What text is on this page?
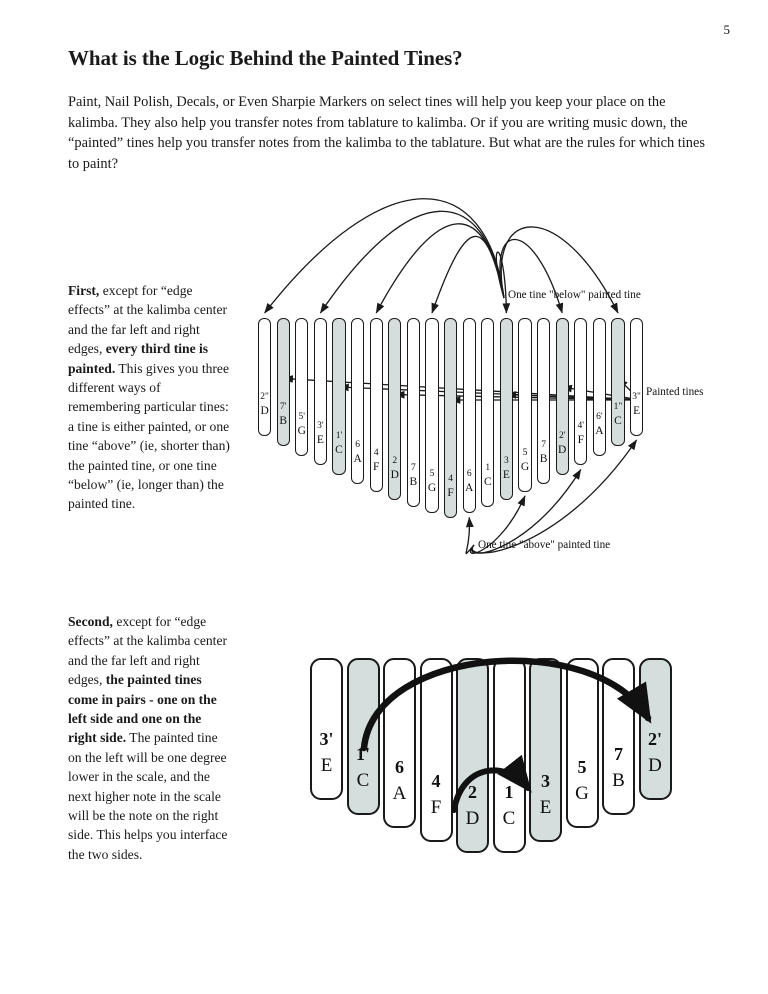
5
What is the Logic Behind the Painted Tines?

Paint, Nail Polish, Decals, or Even Sharpie Markers on select tines will help you keep your place on the kalimba. They also help you transfer notes from tablature to kalimba. Or if you are writing music down, the “painted” tines help you transfer notes from the kalimba to the tablature. But what are the rules for which tines to paint?

First, except for “edge effects” at the kalimba center and the far left and right edges, every third tine is painted. This gives you three different ways of remembering particular tines: a tine is either painted, or one tine “above” (ie, shorter than) the painted tine, or one tine “below” (ie, longer than) the painted tine.
Second, except for “edge effects” at the kalimba center and the far left and right edges, the painted tines come in pairs - one on the left side and one on the right side. The painted tine on the left will be one degree lower in the scale, and the next higher note in the scale will be the note on the right side. This helps you interface the two sides.
2"
D 7'
B 5'
G 3'
E 1'
C	6
A	4
F
2
D
7
B
5
G
4
F
6
A
1
C
3
E
5
G
7
B
2'
D
4'
F
6'
A
1"
C
3"
E
One tine "below" painted tine
One tine "above" painted tine
Painted tines
3'
E
1'
C
6
A
4
F
2
D
1
C
3
E
5
G
7
B
2'
D
